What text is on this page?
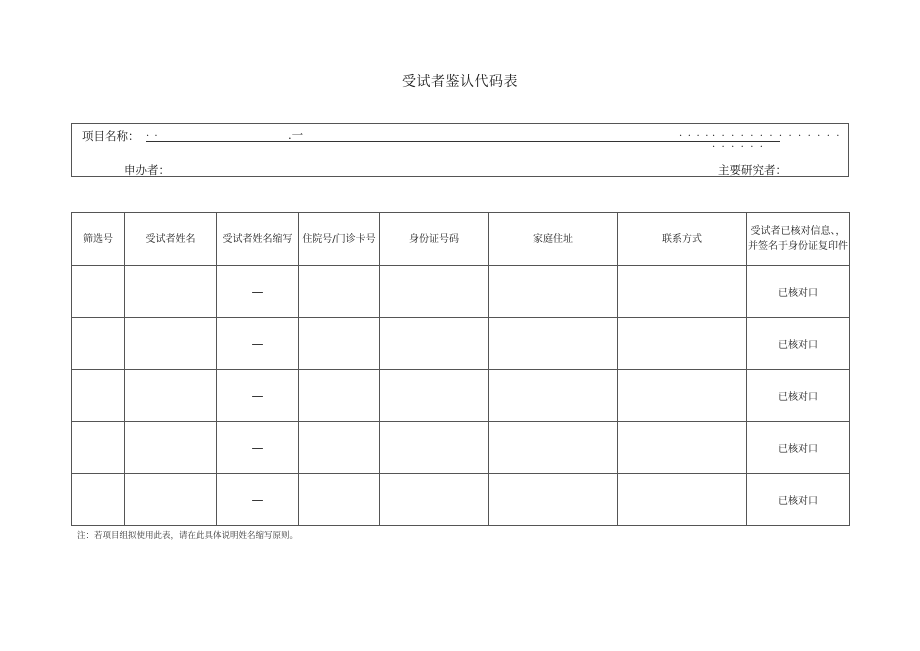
受试者鉴认代码表
项目名称： . .	.一	. . . . . . . . . . . . . . . . . . . . . . . .
申办者：	主要研究者：
筛选号	受试者姓名	受试者姓名缩写	住院号/门诊卡号	身份证号码	家庭住址	联系方式	受试者已核对信息、，并签名于身份证复印件
		—					已核对口
		—					已核对口
		—					已核对口
		—					已核对口
		—					已核对口
注：若项目组拟使用此表，请在此具体说明姓名缩写原则。
